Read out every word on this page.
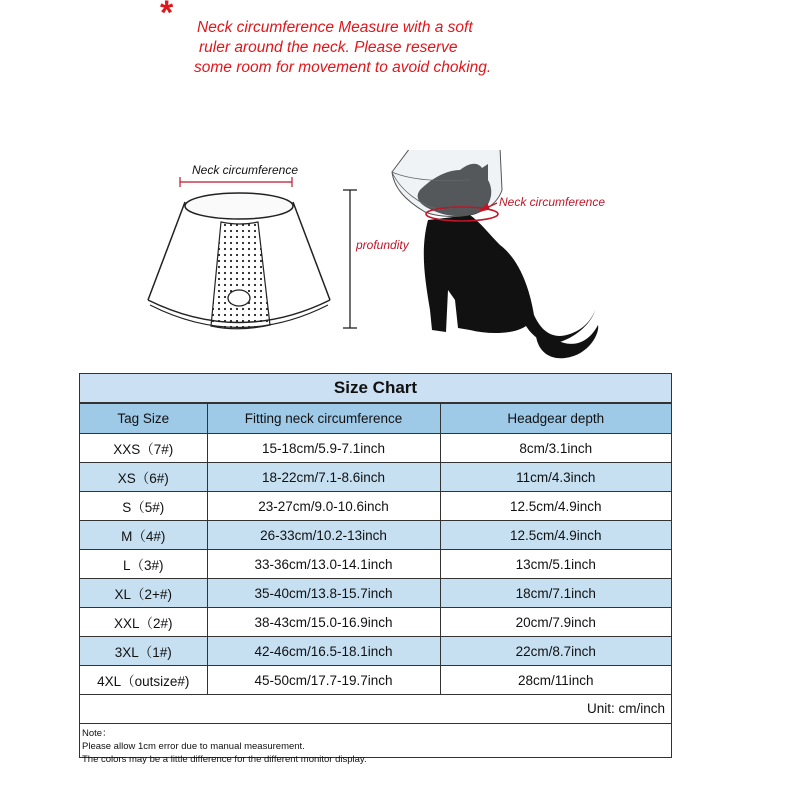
* Neck circumference Measure with a soft
ruler around the neck. Please reserve
some room for movement to avoid choking.
Neck circumference
profundity
Neck circumference
Size Chart
Tag Size	Fitting neck circumference	Headgear depth
XXS（7#)	15-18cm/5.9-7.1inch	8cm/3.1inch
XS（6#)	18-22cm/7.1-8.6inch	11cm/4.3inch
S（5#)	23-27cm/9.0-10.6inch	12.5cm/4.9inch
M（4#)	26-33cm/10.2-13inch	12.5cm/4.9inch
L（3#)	33-36cm/13.0-14.1inch	13cm/5.1inch
XL（2+#)	35-40cm/13.8-15.7inch	18cm/7.1inch
XXL（2#)	38-43cm/15.0-16.9inch	20cm/7.9inch
3XL（1#)	42-46cm/16.5-18.1inch	22cm/8.7inch
4XL（outsize#)	45-50cm/17.7-19.7inch	28cm/11inch
Unit: cm/inch
Note：
Please allow 1cm error due to manual measurement.
The colors may be a little difference for the different monitor display.
